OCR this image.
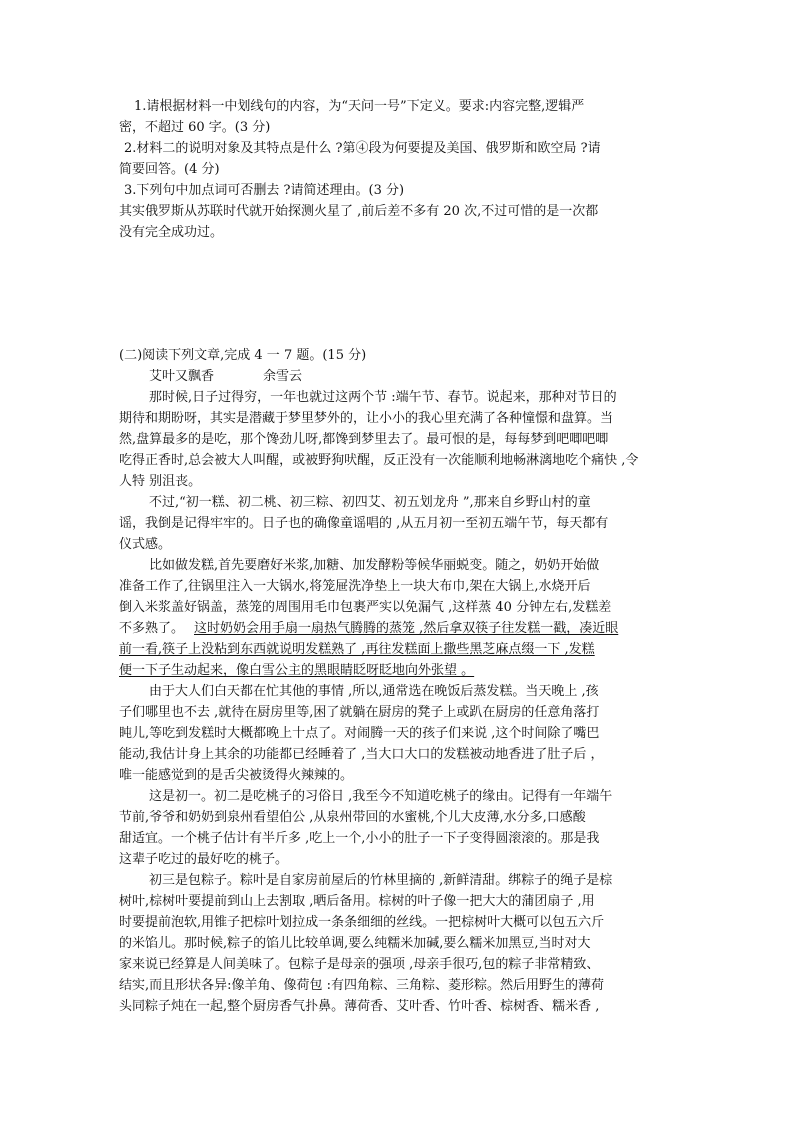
1.请根据材料一中划线句的内容，为“天问一号”下定义。要求:内容完整,逻辑严
密，不超过 60 字。(3 分)
2.材料二的说明对象及其特点是什么 ?第④段为何要提及美国、俄罗斯和欧空局 ?请
简要回答。(4 分)
3.下列句中加点词可否删去 ?请简述理由。(3 分)
其实俄罗斯从苏联时代就开始探测火星了 ,前后差不多有 20 次,不过可惜的是一次都
没有完全成功过。
(二)阅读下列文章,完成 4 一 7 题。(15 分)
艾叶又飘香	余雪云
那时候,日子过得穷，一年也就过这两个节 :端午节、春节。说起来，那种对节日的
期待和期盼呀，其实是潜藏于梦里梦外的，让小小的我心里充满了各种憧憬和盘算。当
然,盘算最多的是吃，那个馋劲儿呀,都馋到梦里去了。最可恨的是，每每梦到吧唧吧唧
吃得正香时,总会被大人叫醒，或被野狗吠醒，反正没有一次能顺利地畅淋漓地吃个痛快 ,令
人特 别沮丧。
不过,“初一糕、初二桃、初三粽、初四艾、初五划龙舟 ”,那来自乡野山村的童
谣，我倒是记得牢牢的。日子也的确像童谣唱的 ,从五月初一至初五端午节，每天都有
仪式感。
比如做发糕,首先要磨好米浆,加糖、加发酵粉等候华丽蜕变。随之，奶奶开始做
准备工作了,往锅里注入一大锅水,将笼屉洗净垫上一块大布巾,架在大锅上,水烧开后
倒入米浆盖好锅盖，蒸笼的周围用毛巾包裹严实以免漏气 ,这样蒸 40 分钟左右,发糕差
不多熟了。 这时奶奶会用手扇一扇热气腾腾的蒸笼 ,然后拿双筷子往发糕一戳，凑近眼
前一看,筷子上没粘到东西就说明发糕熟了 ,再往发糕面上撒些黑芝麻点缀一下 ,发糕
便一下子生动起来，像白雪公主的黑眼睛眨呀眨地向外张望 。
由于大人们白天都在忙其他的事情 ,所以,通常选在晚饭后蒸发糕。当天晚上 ,孩
子们哪里也不去 ,就待在厨房里等,困了就躺在厨房的凳子上或趴在厨房的任意角落打
盹儿,等吃到发糕时大概都晚上十点了。对闹腾一天的孩子们来说 ,这个时间除了嘴巴
能动,我估计身上其余的功能都已经睡着了 ,当大口大口的发糕被动地香进了肚子后 ，
唯一能感觉到的是舌尖被烫得火辣辣的。
这是初一。初二是吃桃子的习俗日 ,我至今不知道吃桃子的缘由。记得有一年端午
节前,爷爷和奶奶到泉州看望伯公 ,从泉州带回的水蜜桃,个儿大皮薄,水分多,口感酸
甜适宜。一个桃子估计有半斤多 ,吃上一个,小小的肚子一下子变得圆滚滚的。那是我
这辈子吃过的最好吃的桃子。
初三是包粽子。粽叶是自家房前屋后的竹林里摘的 ,新鲜清甜。绑粽子的绳子是棕
树叶,棕树叶要提前到山上去割取 ,晒后备用。棕树的叶子像一把大大的蒲团扇子 ,用
时要提前泡软,用锥子把棕叶划拉成一条条细细的丝线。一把棕树叶大概可以包五六斤
的米馅儿。那时候,粽子的馅儿比较单调,要么纯糯米加碱,要么糯米加黑豆,当时对大
家来说已经算是人间美味了。包粽子是母亲的强项 ,母亲手很巧,包的粽子非常精致、
结实,而且形状各异:像羊角、像荷包 :有四角粽、三角粽、菱形粽。然后用野生的薄荷
头同粽子炖在一起,整个厨房香气扑鼻。薄荷香、艾叶香、竹叶香、棕树香、糯米香 ,
